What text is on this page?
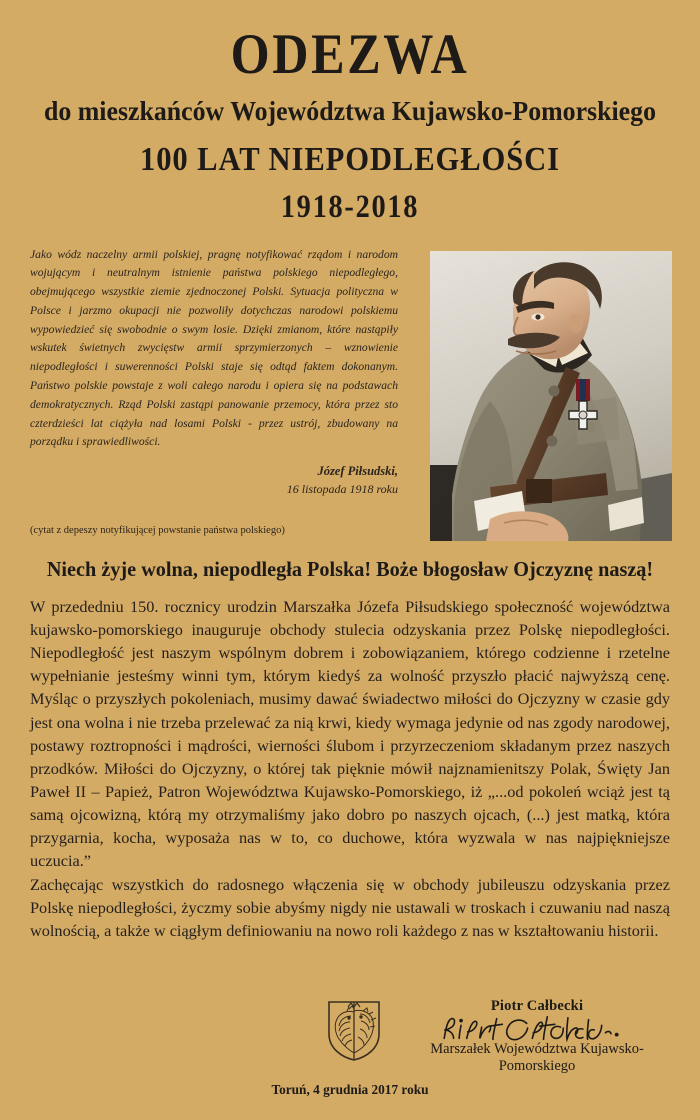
ODEZWA
do mieszkańców Województwa Kujawsko-Pomorskiego
100 LAT NIEPODLEGŁOŚCI
1918-2018

Jako wódz naczelny armii polskiej, pragnę notyfikować rządom i narodom wojującym i neutralnym istnienie państwa polskiego niepodległego, obejmującego wszystkie ziemie zjednoczonej Polski. Sytuacja polityczna w Polsce i jarzmo okupacji nie pozwoliły dotychczas narodowi polskiemu wypowiedzieć się swobodnie o swym losie. Dzięki zmianom, które nastąpiły wskutek świetnych zwycięstw armii sprzymierzonych – wznowienie niepodległości i suwerenności Polski staje się odtąd faktem dokonanym. Państwo polskie powstaje z woli całego narodu i opiera się na podstawach demokratycznych. Rząd Polski zastąpi panowanie przemocy, która przez sto czterdzieści lat ciążyła nad losami Polski - przez ustrój, zbudowany na porządku i sprawiedliwości.

Józef Piłsudski,
16 listopada 1918 roku
(cytat z depeszy notyfikującej powstanie państwa polskiego)
Niech żyje wolna, niepodległa Polska! Boże błogosław Ojczyznę naszą!

W przededniu 150. rocznicy urodzin Marszałka Józefa Piłsudskiego społeczność województwa kujawsko-pomorskiego inauguruje obchody stulecia odzyskania przez Polskę niepodległości. Niepodległość jest naszym wspólnym dobrem i zobowiązaniem, którego codzienne i rzetelne wypełnianie jesteśmy winni tym, którym kiedyś za wolność przyszło płacić najwyższą cenę. Myśląc o przyszłych pokoleniach, musimy dawać świadectwo miłości do Ojczyzny w czasie gdy jest ona wolna i nie trzeba przelewać za nią krwi, kiedy wymaga jedynie od nas zgody narodowej, postawy roztropności i mądrości, wierności ślubom i przyrzeczeniom składanym przez naszych przodków. Miłości do Ojczyzny, o której tak pięknie mówił najznamienitszy Polak, Święty Jan Paweł II – Papież, Patron Województwa Kujawsko-Pomorskiego, iż „...od pokoleń wciąż jest tą samą ojcowizną, którą my otrzymaliśmy jako dobro po naszych ojcach, (...) jest matką, która przygarnia, kocha, wyposaża nas w to, co duchowe, która wyzwala w nas najpiękniejsze uczucia.”

Zachęcając wszystkich do radosnego włączenia się w obchody jubileuszu odzyskania przez Polskę niepodległości, życzmy sobie abyśmy nigdy nie ustawali w troskach i czuwaniu nad naszą wolnością, a także w ciągłym definiowaniu na nowo roli każdego z nas w kształtowaniu historii.

Piotr Całbecki
Marszałek Województwa Kujawsko-Pomorskiego
Toruń, 4 grudnia 2017 roku
